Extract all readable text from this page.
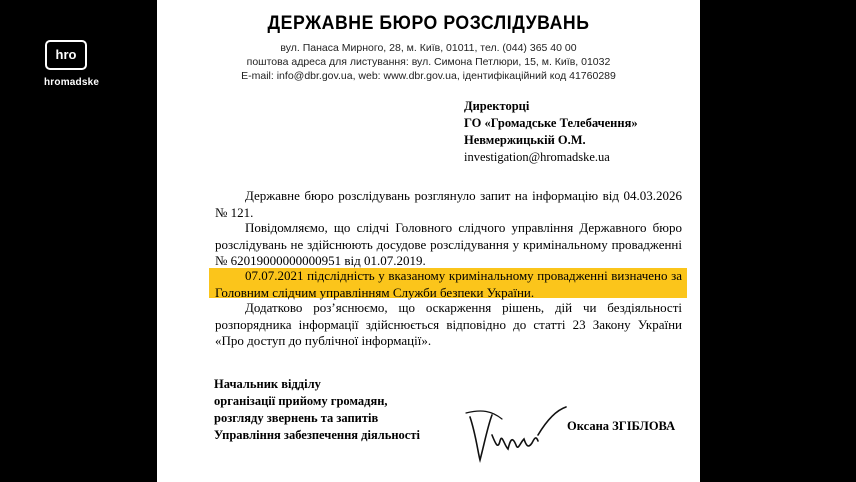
hro
hromadske
ДЕРЖАВНЕ БЮРО РОЗСЛІДУВАНЬ
вул. Панаса Мирного, 28, м. Київ, 01011, тел. (044) 365 40 00
поштова адреса для листування: вул. Симона Петлюри, 15, м. Київ, 01032
E-mail: info@dbr.gov.ua, web: www.dbr.gov.ua, ідентифікаційний код 41760289
Директорці
ГО «Громадське Телебачення»
Невмержицькій О.М.
investigation@hromadske.ua
Державне бюро розслідувань розглянуло запит на інформацію від 04.03.2026 № 121.
Повідомляємо, що слідчі Головного слідчого управління Державного бюро розслідувань не здійснюють досудове розслідування у кримінальному провадженні № 62019000000000951 від 01.07.2019.
07.07.2021 підслідність у вказаному кримінальному провадженні визначено за Головним слідчим управлінням Служби безпеки України.
Додатково роз’яснюємо, що оскарження рішень, дій чи бездіяльності розпорядника інформації здійснюється відповідно до статті 23 Закону України «Про доступ до публічної інформації».
Начальник відділу
організації прийому громадян,
розгляду звернень та запитів
Управління забезпечення діяльності
Оксана ЗГІБЛОВА
